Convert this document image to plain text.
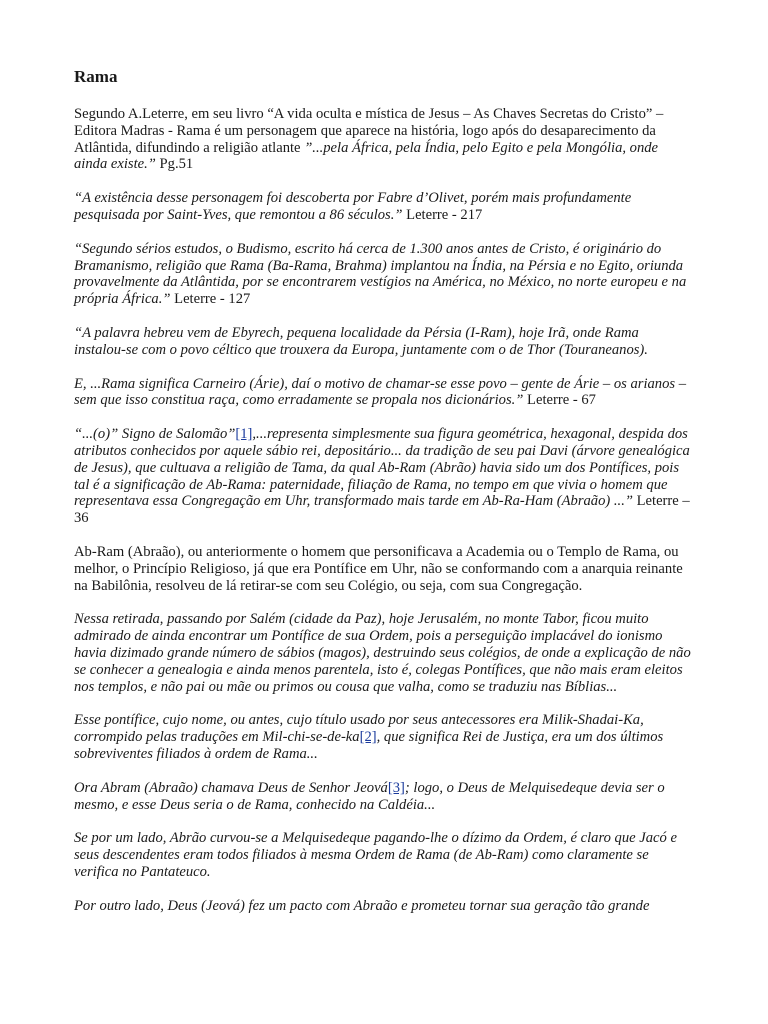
Rama

Segundo A.Leterre, em seu livro “A vida oculta e mística de Jesus – As Chaves Secretas do Cristo” – Editora Madras - Rama é um personagem que aparece na história, logo após do desaparecimento da Atlântida, difundindo a religião atlante ”...pela África, pela Índia, pelo Egito e pela Mongólia, onde ainda existe.” Pg.51

“A existência desse personagem foi descoberta por Fabre d’Olivet, porém mais profundamente pesquisada por Saint-Yves, que remontou a 86 séculos.” Leterre - 217

“Segundo sérios estudos, o Budismo, escrito há cerca de 1.300 anos antes de Cristo, é originário do Bramanismo, religião que Rama (Ba-Rama, Brahma) implantou na Índia, na Pérsia e no Egito, oriunda provavelmente da Atlântida, por se encontrarem vestígios na América, no México, no norte europeu e na própria África.” Leterre - 127

“A palavra hebreu vem de Ebyrech, pequena localidade da Pérsia (I-Ram), hoje Irã, onde Rama instalou-se com o povo céltico que trouxera da Europa, juntamente com o de Thor (Touraneanos).

E, ...Rama significa Carneiro (Árie), daí o motivo de chamar-se esse povo – gente de Árie – os arianos – sem que isso constitua raça, como erradamente se propala nos dicionários.” Leterre - 67

“...(o)” Signo de Salomão”[1],...representa simplesmente sua figura geométrica, hexagonal, despida dos atributos conhecidos por aquele sábio rei, depositário... da tradição de seu pai Davi (árvore genealógica de Jesus), que cultuava a religião de Tama, da qual Ab-Ram (Abrão) havia sido um dos Pontífices, pois tal é a significação de Ab-Rama: paternidade, filiação de Rama, no tempo em que vivia o homem que representava essa Congregação em Uhr, transformado mais tarde em Ab-Ra-Ham (Abraão) ...” Leterre – 36

Ab-Ram (Abraão), ou anteriormente o homem que personificava a Academia ou o Templo de Rama, ou melhor, o Princípio Religioso, já que era Pontífice em Uhr, não se conformando com a anarquia reinante na Babilônia, resolveu de lá retirar-se com seu Colégio, ou seja, com sua Congregação.

Nessa retirada, passando por Salém (cidade da Paz), hoje Jerusalém, no monte Tabor, ficou muito admirado de ainda encontrar um Pontífice de sua Ordem, pois a perseguição implacável do ionismo havia dizimado grande número de sábios (magos), destruindo seus colégios, de onde a explicação de não se conhecer a genealogia e ainda menos parentela, isto é, colegas Pontífices, que não mais eram eleitos nos templos, e não pai ou mãe ou primos ou cousa que valha, como se traduziu nas Bíblias...

Esse pontífice, cujo nome, ou antes, cujo título usado por seus antecessores era Milik-Shadai-Ka, corrompido pelas traduções em Mil-chi-se-de-ka[2], que significa Rei de Justiça, era um dos últimos sobreviventes filiados à ordem de Rama...

Ora Abram (Abraão) chamava Deus de Senhor Jeová[3]; logo, o Deus de Melquisedeque devia ser o mesmo, e esse Deus seria o de Rama, conhecido na Caldéia...

Se por um lado, Abrão curvou-se a Melquisedeque pagando-lhe o dízimo da Ordem, é claro que Jacó e seus descendentes eram todos filiados à mesma Ordem de Rama (de Ab-Ram) como claramente se verifica no Pantateuco.

Por outro lado, Deus (Jeová) fez um pacto com Abraão e prometeu tornar sua geração tão grande
